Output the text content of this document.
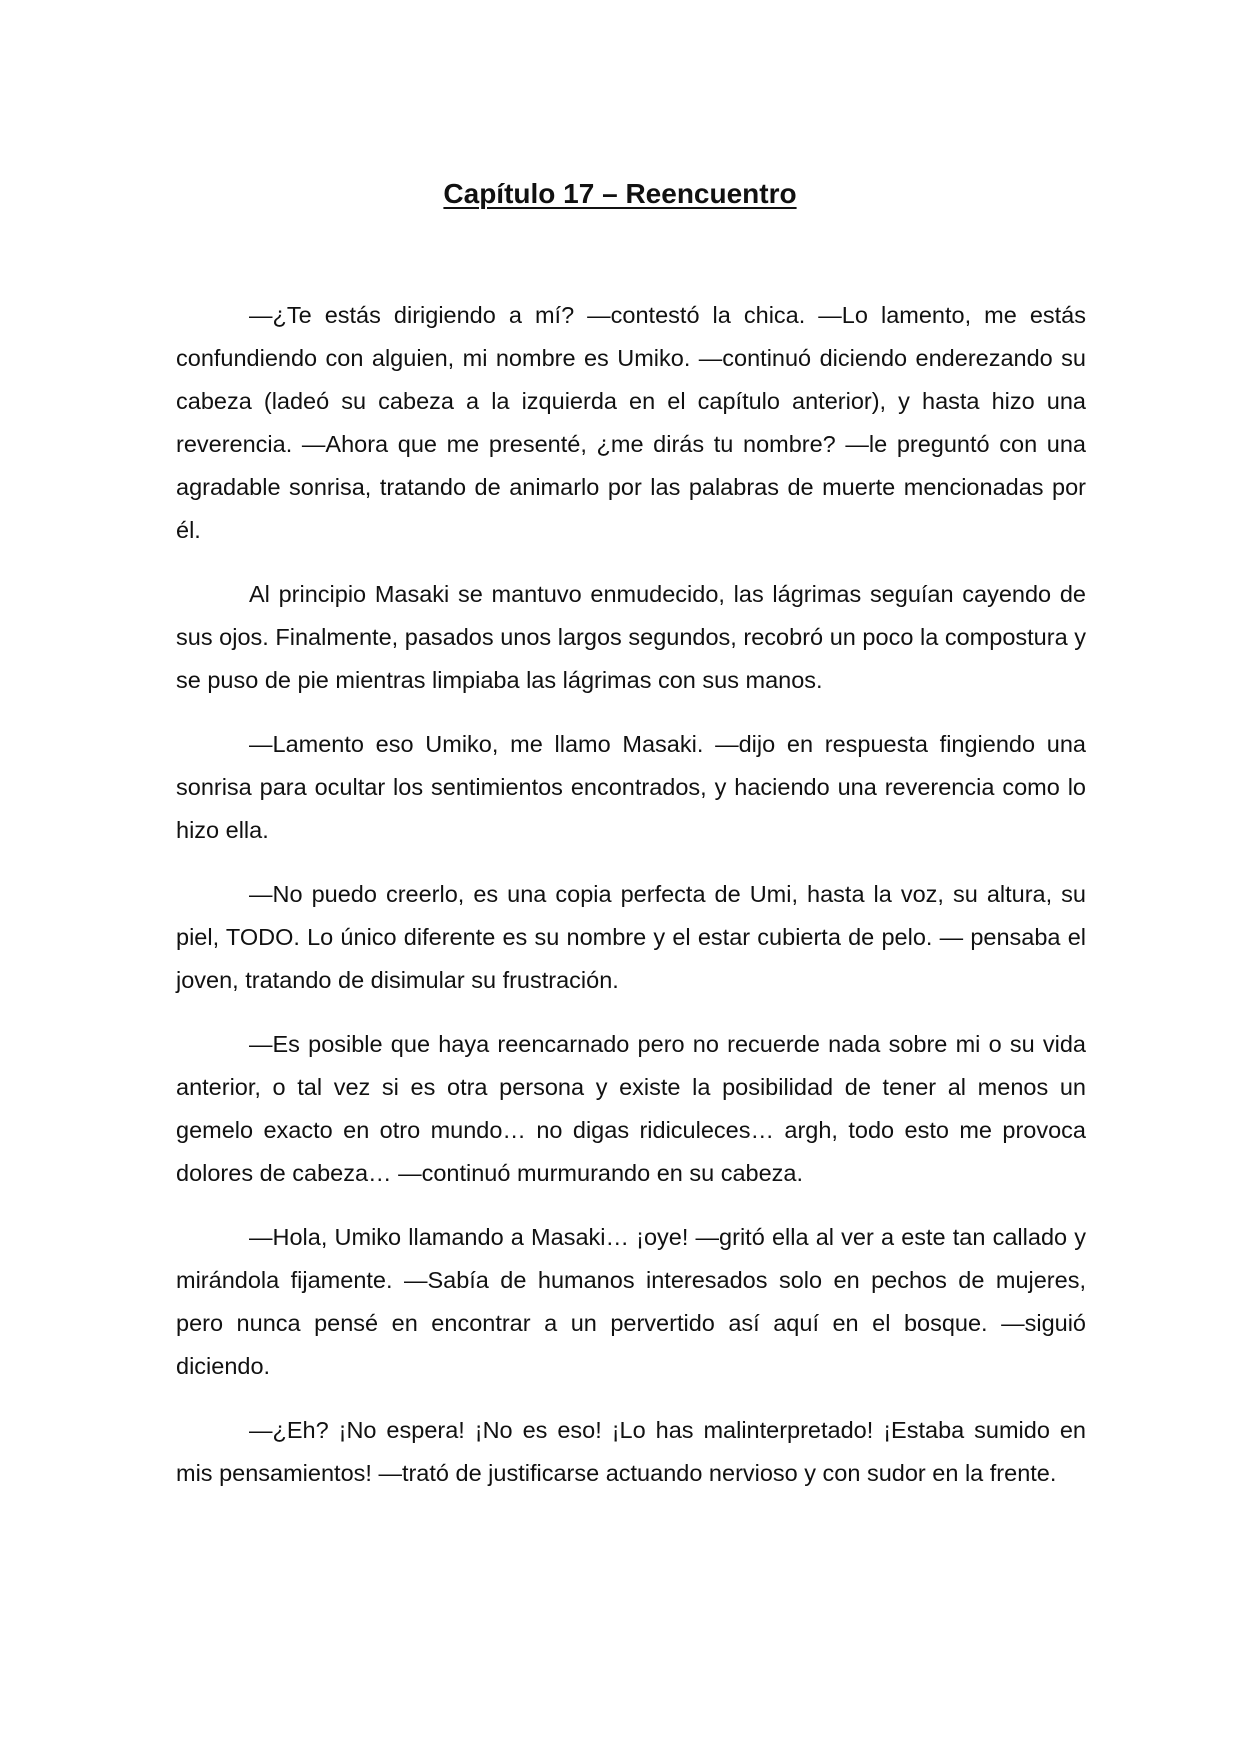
Capítulo 17 – Reencuentro

—¿Te estás dirigiendo a mí? —contestó la chica. —Lo lamento, me estás confundiendo con alguien, mi nombre es Umiko. —continuó diciendo enderezando su cabeza (ladeó su cabeza a la izquierda en el capítulo anterior), y hasta hizo una reverencia. —Ahora que me presenté, ¿me dirás tu nombre? —le preguntó con una agradable sonrisa, tratando de animarlo por las palabras de muerte mencionadas por él.

Al principio Masaki se mantuvo enmudecido, las lágrimas seguían cayendo de sus ojos. Finalmente, pasados unos largos segundos, recobró un poco la compostura y se puso de pie mientras limpiaba las lágrimas con sus manos.

—Lamento eso Umiko, me llamo Masaki. —dijo en respuesta fingiendo una sonrisa para ocultar los sentimientos encontrados, y haciendo una reverencia como lo hizo ella.

—No puedo creerlo, es una copia perfecta de Umi, hasta la voz, su altura, su piel, TODO. Lo único diferente es su nombre y el estar cubierta de pelo. — pensaba el joven, tratando de disimular su frustración.

—Es posible que haya reencarnado pero no recuerde nada sobre mi o su vida anterior, o tal vez si es otra persona y existe la posibilidad de tener al menos un gemelo exacto en otro mundo… no digas ridiculeces… argh, todo esto me provoca dolores de cabeza… —continuó murmurando en su cabeza.

—Hola, Umiko llamando a Masaki… ¡oye! —gritó ella al ver a este tan callado y mirándola fijamente. —Sabía de humanos interesados solo en pechos de mujeres, pero nunca pensé en encontrar a un pervertido así aquí en el bosque. —siguió diciendo.

—¿Eh? ¡No espera! ¡No es eso! ¡Lo has malinterpretado! ¡Estaba sumido en mis pensamientos! —trató de justificarse actuando nervioso y con sudor en la frente.
